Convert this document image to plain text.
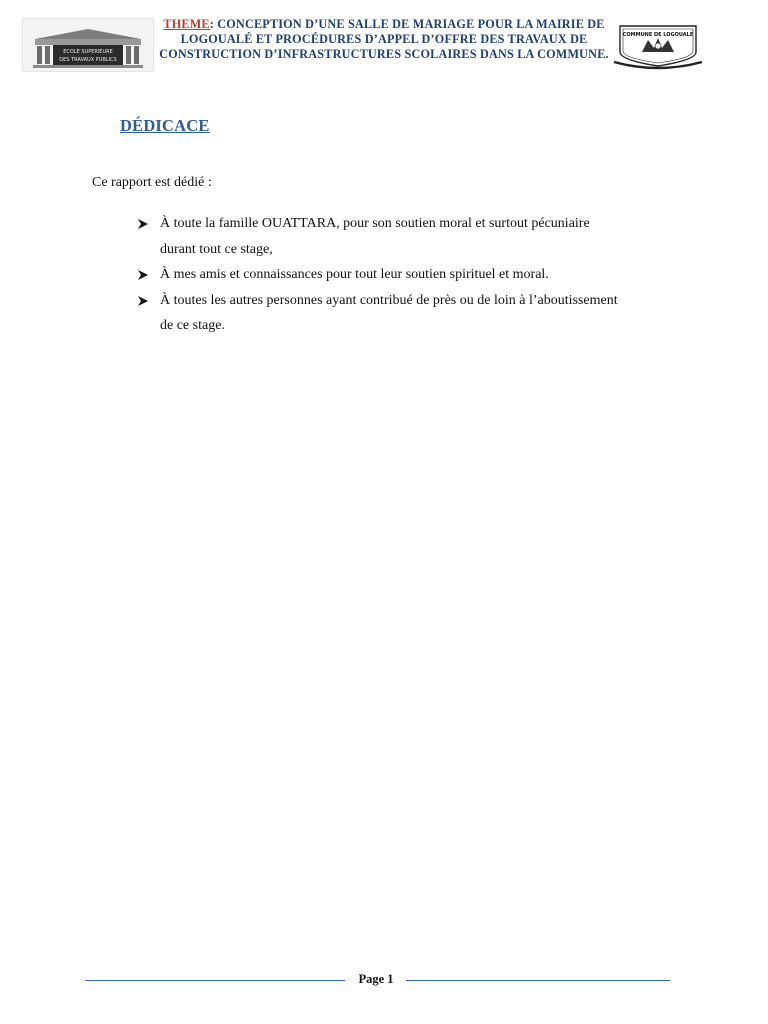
ECOLE SUPERIEURE
DES TRAVAUX PUBLICS
THEME: CONCEPTION D’UNE SALLE DE MARIAGE POUR LA MAIRIE DE LOGOUALÉ ET PROCÉDURES D’APPEL D’OFFRE DES TRAVAUX DE CONSTRUCTION D’INFRASTRUCTURES SCOLAIRES DANS LA COMMUNE.
COMMUNE DE LOGOUALE
DÉDICACE
Ce rapport est dédié :
À toute la famille OUATTARA, pour son soutien moral et surtout pécuniaire
durant tout ce stage,
À mes amis et connaissances pour tout leur soutien spirituel et moral.
À toutes les autres personnes ayant contribué de près ou de loin à l’aboutissement
de ce stage.
Page 1
